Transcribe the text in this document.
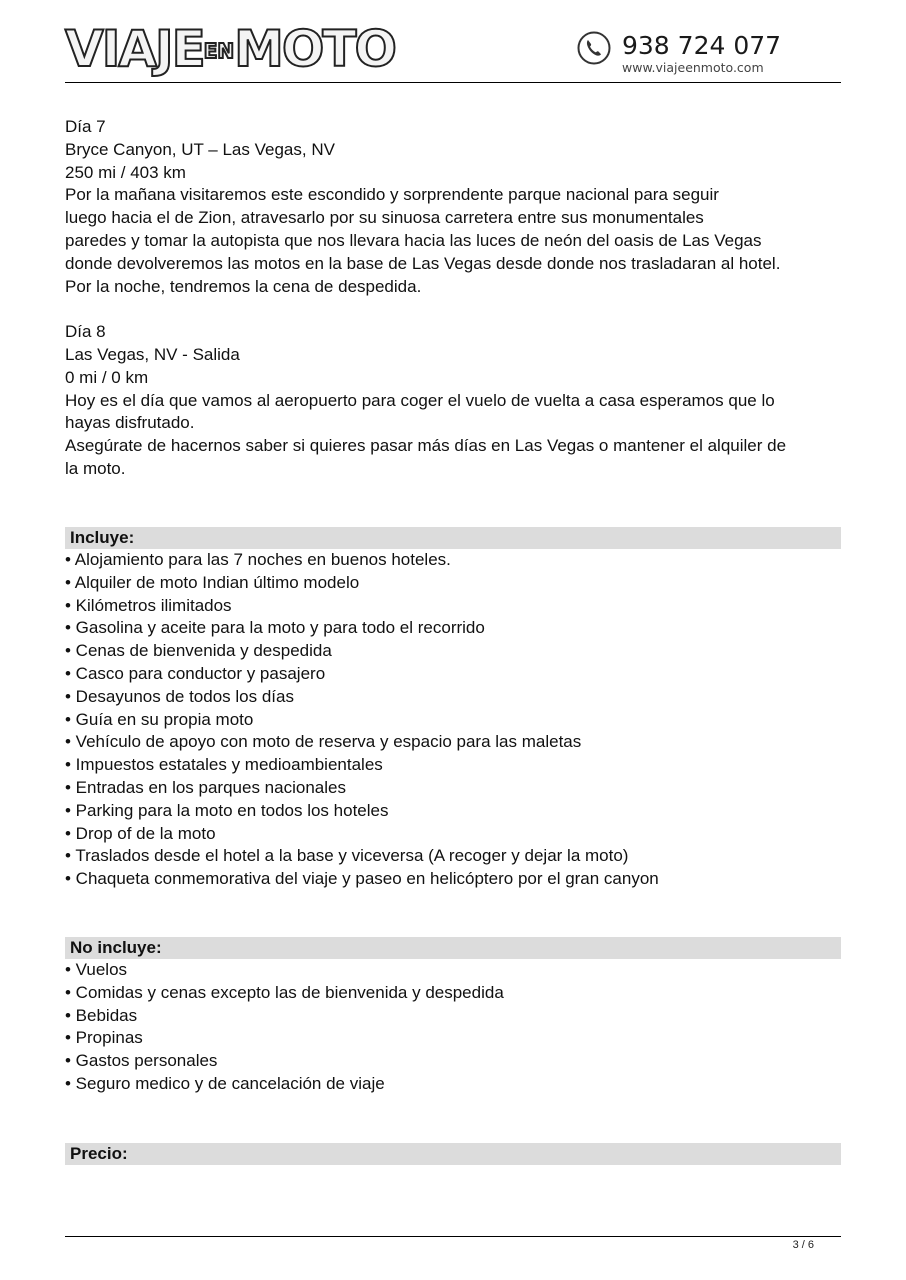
VIAJEENMOTO	938 724 077
www.viajeenmoto.com

Día 7

Bryce Canyon, UT – Las Vegas, NV

250 mi / 403 km

Por la mañana visitaremos este escondido y sorprendente parque nacional para seguir

luego hacia el de Zion, atravesarlo por su sinuosa carretera entre sus monumentales

paredes y tomar la autopista que nos llevara hacia las luces de neón del oasis de Las Vegas

donde devolveremos las motos en la base de Las Vegas desde donde nos trasladaran al hotel.

Por la noche, tendremos la cena de despedida.

Día 8

Las Vegas, NV - Salida

0 mi / 0 km

Hoy es el día que vamos al aeropuerto para coger el vuelo de vuelta a casa esperamos que lo

hayas disfrutado.

Asegúrate de hacernos saber si quieres pasar más días en Las Vegas o mantener el alquiler de

la moto.

Incluye:
• Alojamiento para las 7 noches en buenos hoteles.
• Alquiler de moto Indian último modelo
• Kilómetros ilimitados
• Gasolina y aceite para la moto y para todo el recorrido
• Cenas de bienvenida y despedida
• Casco para conductor y pasajero
• Desayunos de todos los días
• Guía en su propia moto
• Vehículo de apoyo con moto de reserva y espacio para las maletas
• Impuestos estatales y medioambientales
• Entradas en los parques nacionales
• Parking para la moto en todos los hoteles
• Drop of de la moto
• Traslados desde el hotel a la base y viceversa (A recoger y dejar la moto)
• Chaqueta conmemorativa del viaje y paseo en helicóptero por el gran canyon
No incluye:
• Vuelos
• Comidas y cenas excepto las de bienvenida y despedida
• Bebidas
• Propinas
• Gastos personales
• Seguro medico y de cancelación de viaje
Precio:
3 / 6
